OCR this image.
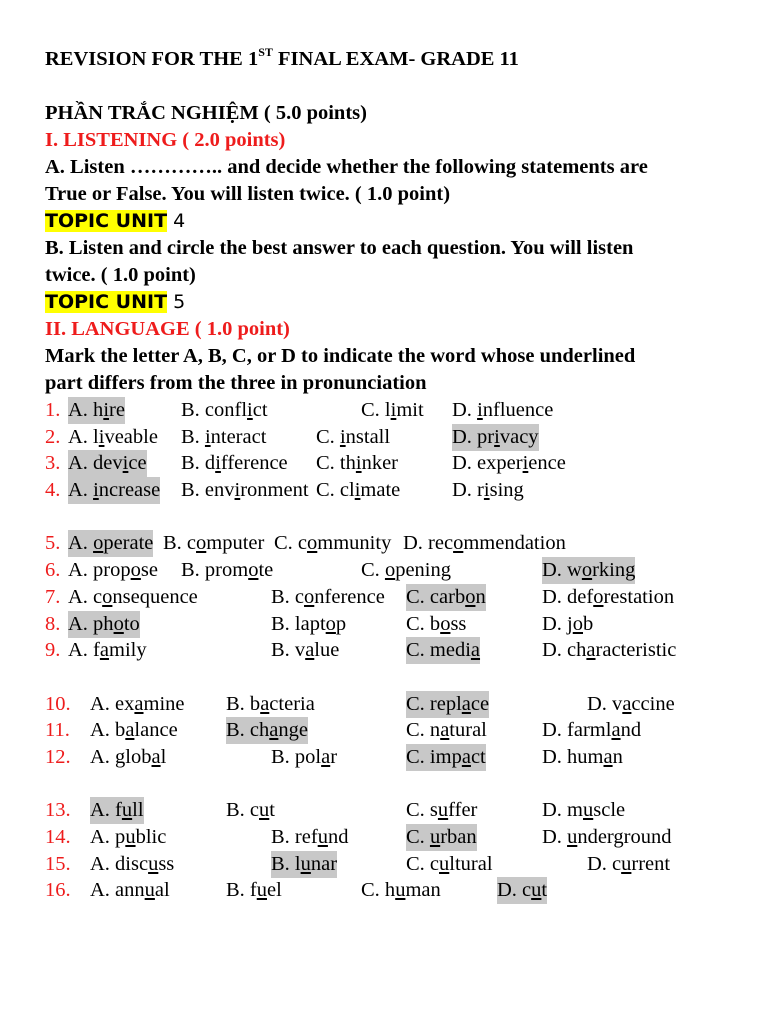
REVISION FOR THE 1ST FINAL EXAM- GRADE 11
PHẦN TRẮC NGHIỆM ( 5.0 points)
I. LISTENING ( 2.0 points)
A. Listen ………….. and decide whether the following statements are
True or False. You will listen twice. ( 1.0 point)
TOPIC UNIT 4
B. Listen and circle the best answer to each question. You will listen
twice. ( 1.0 point)
TOPIC UNIT 5
II. LANGUAGE ( 1.0 point)
Mark the letter A, B, C, or D to indicate the word whose underlined
part differs from the three in pronunciation
1. A. hire	B. conflict	C. limit D. influence
2. A. liveable B. interact C. install	D. privacy
3. A. device B. difference C. thinker	D. experience
4. A. increase B. environment C. climate	D. rising
5. A. operate B. computer C. community D. recommendation
6. A. propose B. promote	C. opening	D. working
7. A. consequence	B. conference C. carbon	D. deforestation
8. A. photo	B. laptop	C. boss	D. job
9. A. family	B. value	C. media	D. characteristic
10. A. examine B. bacteria	C. replace	D. vaccine
11. A. balance B. change	C. natural	D. farmland
12. A. global	B. polar	C. impact	D. human
13. A. full	B. cut	C. suffer	D. muscle
14. A. public	B. refund	C. urban	D. underground
15. A. discuss	B. lunar	C. cultural	D. current
16. A. annual	B. fuel	C. human	D. cut
